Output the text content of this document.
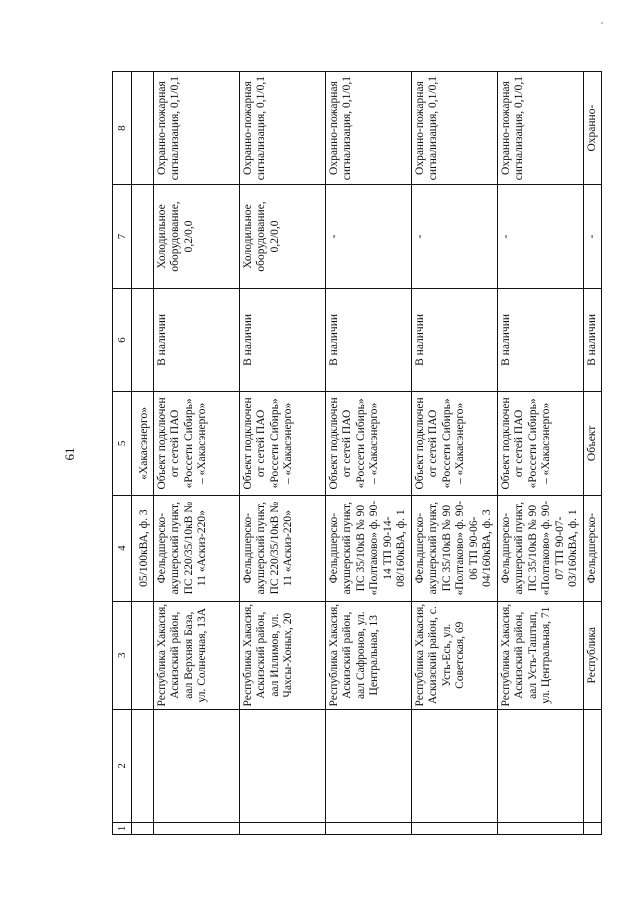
61
1	2	3	4	5	6	7	8
			05/100кВА, ф. 3	«Хакасэнерго»			
		Республика Хакасия, Аскизский район, аал Верхняя База, ул. Солнечная, 13А	Фельдшерско-акушерский пункт, ПС 220/35/10кВ № 11 «Аскиз-220»	Объект подключен от сетей ПАО «Россети Сибирь» – «Хакасэнерго»	В наличии	Холодильное оборудование, 0,2/0,0	Охранно-пожарная сигнализация, 0,1/0,1
		Республика Хакасия, Аскизский район, аал Иллимов, ул. Чахсы-Хоных, 20	Фельдшерско-акушерский пункт, ПС 220/35/10кВ № 11 «Аскиз-220»	Объект подключен от сетей ПАО «Россети Сибирь» – «Хакасэнерго»	В наличии	Холодильное оборудование, 0,2/0,0	Охранно-пожарная сигнализация, 0,1/0,1
		Республика Хакасия, Аскизский район, аал Сафронов, ул. Центральная, 13	Фельдшерско-акушерский пункт, ПС 35/10кВ № 90 «Полтаково» ф. 90-14 ТП 90-14-08/160кВА, ф. 1	Объект подключен от сетей ПАО «Россети Сибирь» – «Хакасэнерго»	В наличии	-	Охранно-пожарная сигнализация, 0,1/0,1
		Республика Хакасия, Аскизский район, с. Усть-Есь, ул. Советская, 69	Фельдшерско-акушерский пункт, ПС 35/10кВ № 90 «Полтаково» ф. 90-06 ТП 90-06-04/160кВА, ф. 3	Объект подключен от сетей ПАО «Россети Сибирь» – «Хакасэнерго»	В наличии	-	Охранно-пожарная сигнализация, 0,1/0,1
		Республика Хакасия, Аскизский район, аал Усть-Таштып, ул. Центральная, 71	Фельдшерско-акушерский пункт, ПС 35/10кВ № 90 «Полтаково» ф. 90-07 ТП 90-07-03/160кВА, ф. 1	Объект подключен от сетей ПАО «Россети Сибирь» – «Хакасэнерго»	В наличии	-	Охранно-пожарная сигнализация, 0,1/0,1
		Республика	Фельдшерско-	Объект	В наличии	-	Охранно-
